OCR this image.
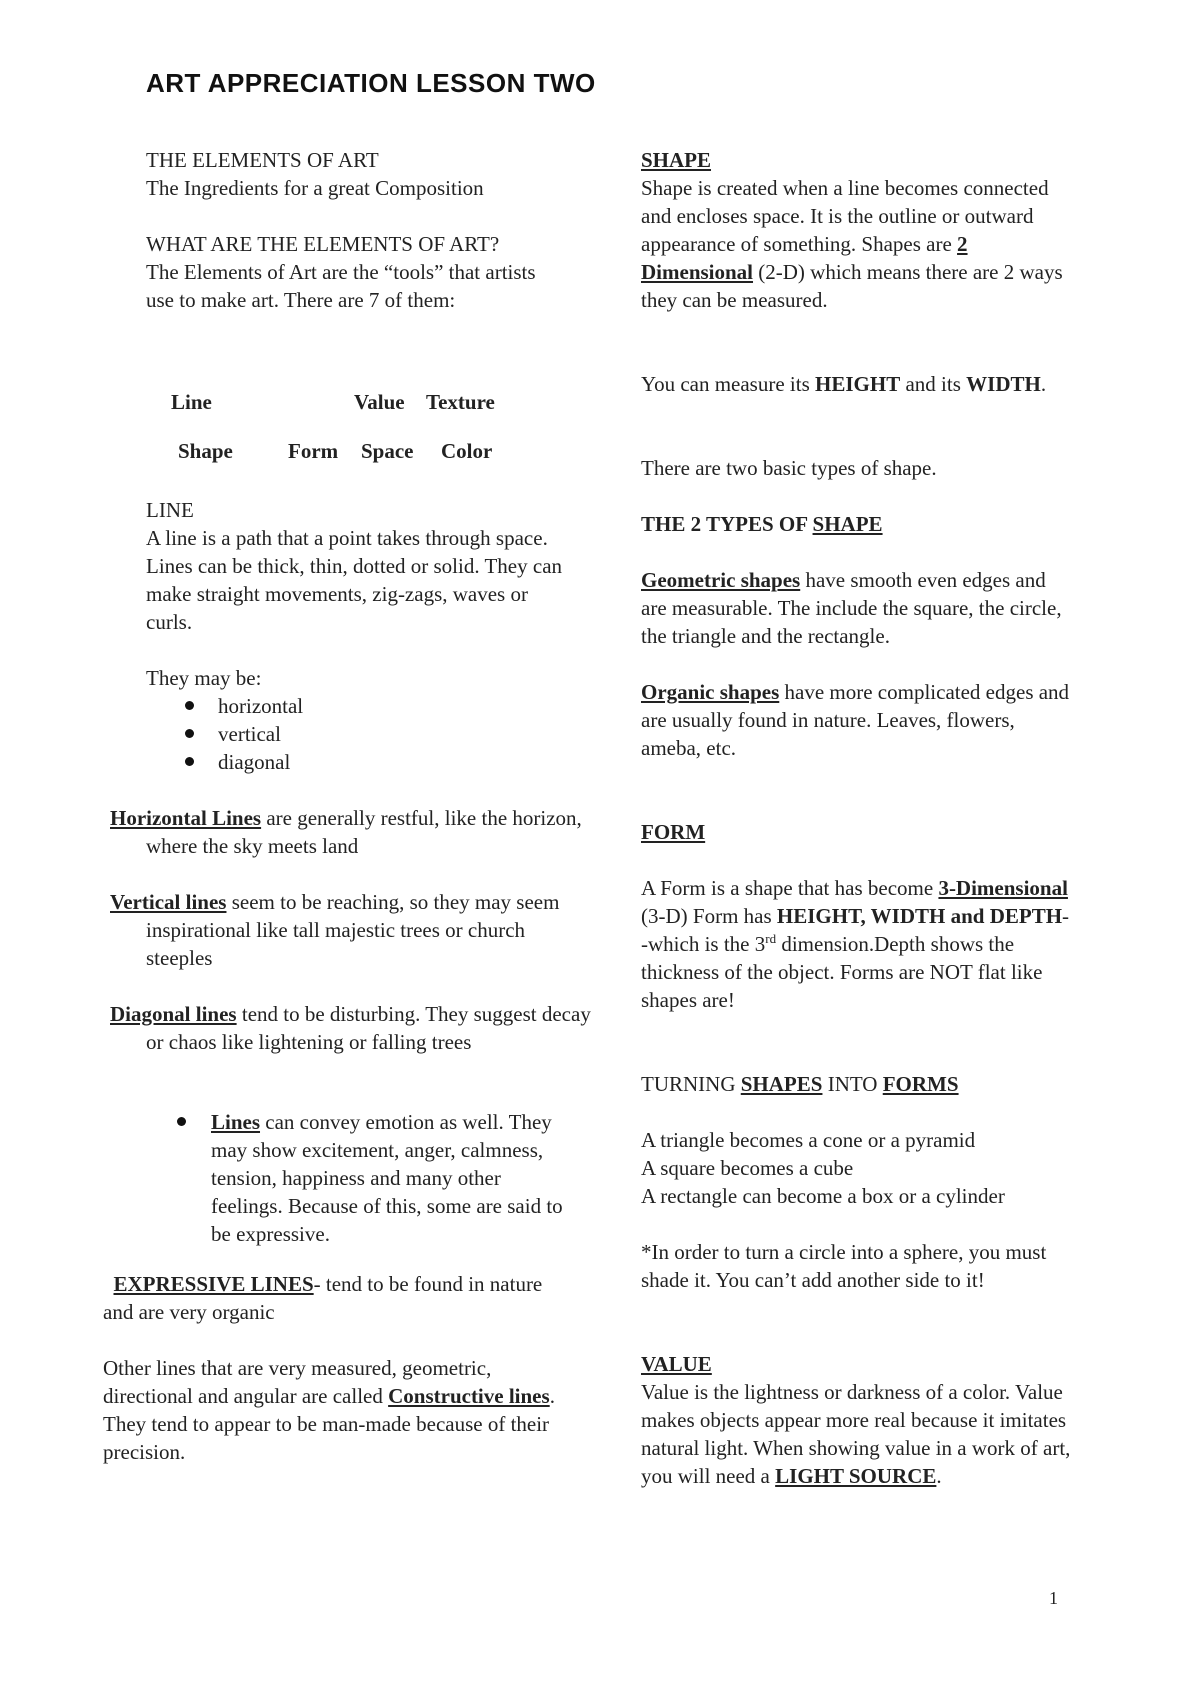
ART APPRECIATION LESSON TWO

THE ELEMENTS OF ART
The Ingredients for a great Composition

WHAT ARE THE ELEMENTS OF ART?
The Elements of Art are the “tools” that artists use to make art. There are 7 of them:

Line	Value Texture
Shape	Form Space Color

LINE
A line is a path that a point takes through space. Lines can be thick, thin, dotted or solid. They can make straight movements, zig-zags, waves or curls.

They may be:

horizontal

vertical

diagonal

Horizontal Lines are generally restful, like the horizon, where the sky meets land

Vertical lines seem to be reaching, so they may seem inspirational like tall majestic trees or church steeples

Diagonal lines tend to be disturbing. They suggest decay or chaos like lightening or falling trees

Lines can convey emotion as well. They may show excitement, anger, calmness, tension, happiness and many other feelings. Because of this, some are said to be expressive.

EXPRESSIVE LINES- tend to be found in nature and are very organic

Other lines that are very measured, geometric, directional and angular are called Constructive lines. They tend to appear to be man-made because of their precision.

SHAPE
Shape is created when a line becomes connected and encloses space. It is the outline or outward appearance of something. Shapes are 2 Dimensional (2-D) which means there are 2 ways they can be measured.

You can measure its HEIGHT and its WIDTH.

There are two basic types of shape.

THE 2 TYPES OF SHAPE

Geometric shapes have smooth even edges and are measurable. The include the square, the circle, the triangle and the rectangle.

Organic shapes have more complicated edges and are usually found in nature. Leaves, flowers, ameba, etc.

FORM

A Form is a shape that has become 3-Dimensional (3-D) Form has HEIGHT, WIDTH and DEPTH--which is the 3rd dimension.Depth shows the thickness of the object. Forms are NOT flat like shapes are!

TURNING SHAPES INTO FORMS

A triangle becomes a cone or a pyramid
A square becomes a cube
A rectangle can become a box or a cylinder

*In order to turn a circle into a sphere, you must shade it. You can’t add another side to it!

VALUE
Value is the lightness or darkness of a color. Value makes objects appear more real because it imitates natural light. When showing value in a work of art, you will need a LIGHT SOURCE.

1
